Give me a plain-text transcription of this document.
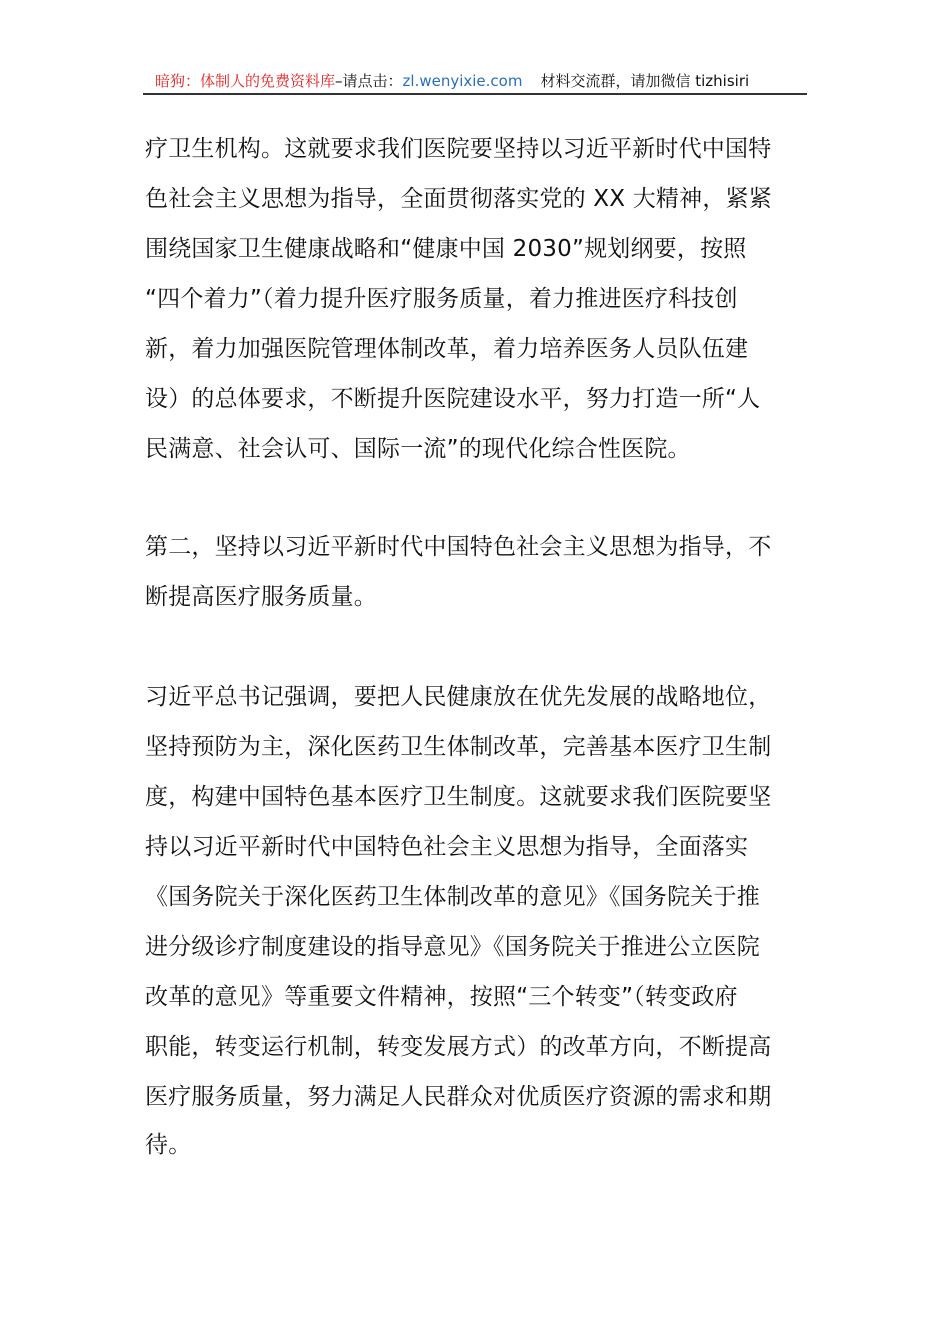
暗狗：体制人的免费资料库–请点击：zl.wenyixie.com 材料交流群，请加微信 tizhisiri
疗卫生机构。这就要求我们医院要坚持以习近平新时代中国特
色社会主义思想为指导，全面贯彻落实党的 XX 大精神，紧紧
围绕国家卫生健康战略和“健康中国 2030”规划纲要，按照
“四个着力”（着力提升医疗服务质量，着力推进医疗科技创
新，着力加强医院管理体制改革，着力培养医务人员队伍建
设）的总体要求，不断提升医院建设水平，努力打造一所“人
民满意、社会认可、国际一流”的现代化综合性医院。
第二，坚持以习近平新时代中国特色社会主义思想为指导，不
断提高医疗服务质量。
习近平总书记强调，要把人民健康放在优先发展的战略地位，
坚持预防为主，深化医药卫生体制改革，完善基本医疗卫生制
度，构建中国特色基本医疗卫生制度。这就要求我们医院要坚
持以习近平新时代中国特色社会主义思想为指导，全面落实
《国务院关于深化医药卫生体制改革的意见》《国务院关于推
进分级诊疗制度建设的指导意见》《国务院关于推进公立医院
改革的意见》等重要文件精神，按照“三个转变”（转变政府
职能，转变运行机制，转变发展方式）的改革方向，不断提高
医疗服务质量，努力满足人民群众对优质医疗资源的需求和期
待。
